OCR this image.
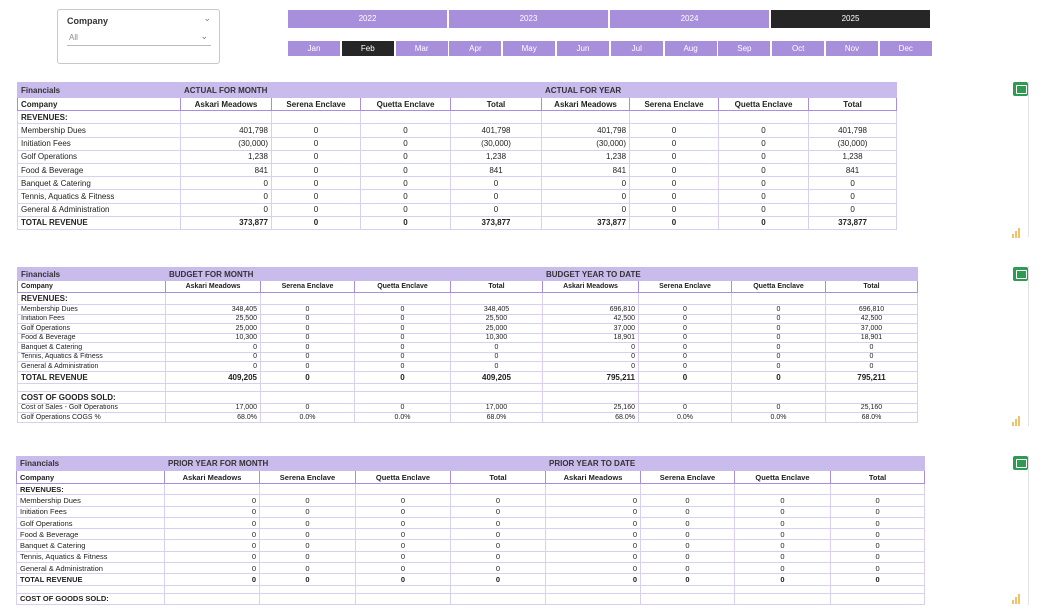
Company	⌄
All	⌄
2022	2023	2024	2025
Jan	Feb	Mar	Apr	May	Jun	Jul	Aug	Sep	Oct	Nov	Dec
Financials	ACTUAL FOR MONTH				ACTUAL FOR YEAR			
Company	Askari Meadows	Serena Enclave	Quetta Enclave	Total	Askari Meadows	Serena Enclave	Quetta Enclave	Total
REVENUES:								
Membership Dues	401,798	0	0	401,798	401,798	0	0	401,798
Initiation Fees	(30,000)	0	0	(30,000)	(30,000)	0	0	(30,000)
Golf Operations	1,238	0	0	1,238	1,238	0	0	1,238
Food & Beverage	841	0	0	841	841	0	0	841
Banquet & Catering	0	0	0	0	0	0	0	0
Tennis, Aquatics & Fitness	0	0	0	0	0	0	0	0
General & Administration	0	0	0	0	0	0	0	0
TOTAL REVENUE	373,877	0	0	373,877	373,877	0	0	373,877
Financials	BUDGET FOR MONTH				BUDGET YEAR TO DATE			
Company	Askari Meadows	Serena Enclave	Quetta Enclave	Total	Askari Meadows	Serena Enclave	Quetta Enclave	Total
REVENUES:								
Membership Dues	348,405	0	0	348,405	696,810	0	0	696,810
Initiation Fees	25,500	0	0	25,500	42,500	0	0	42,500
Golf Operations	25,000	0	0	25,000	37,000	0	0	37,000
Food & Beverage	10,300	0	0	10,300	18,901	0	0	18,901
Banquet & Catering	0	0	0	0	0	0	0	0
Tennis, Aquatics & Fitness	0	0	0	0	0	0	0	0
General & Administration	0	0	0	0	0	0	0	0
TOTAL REVENUE	409,205	0	0	409,205	795,211	0	0	795,211

COST OF GOODS SOLD:								
Cost of Sales - Golf Operations	17,000	0	0	17,000	25,160	0	0	25,160
Golf Operations COGS %	68.0%	0.0%	0.0%	68.0%	68.0%	0.0%	0.0%	68.0%
Financials	PRIOR YEAR FOR MONTH				PRIOR YEAR TO DATE			
Company	Askari Meadows	Serena Enclave	Quetta Enclave	Total	Askari Meadows	Serena Enclave	Quetta Enclave	Total
REVENUES:								
Membership Dues	0	0	0	0	0	0	0	0
Initiation Fees	0	0	0	0	0	0	0	0
Golf Operations	0	0	0	0	0	0	0	0
Food & Beverage	0	0	0	0	0	0	0	0
Banquet & Catering	0	0	0	0	0	0	0	0
Tennis, Aquatics & Fitness	0	0	0	0	0	0	0	0
General & Administration	0	0	0	0	0	0	0	0
TOTAL REVENUE	0	0	0	0	0	0	0	0

COST OF GOODS SOLD:								
